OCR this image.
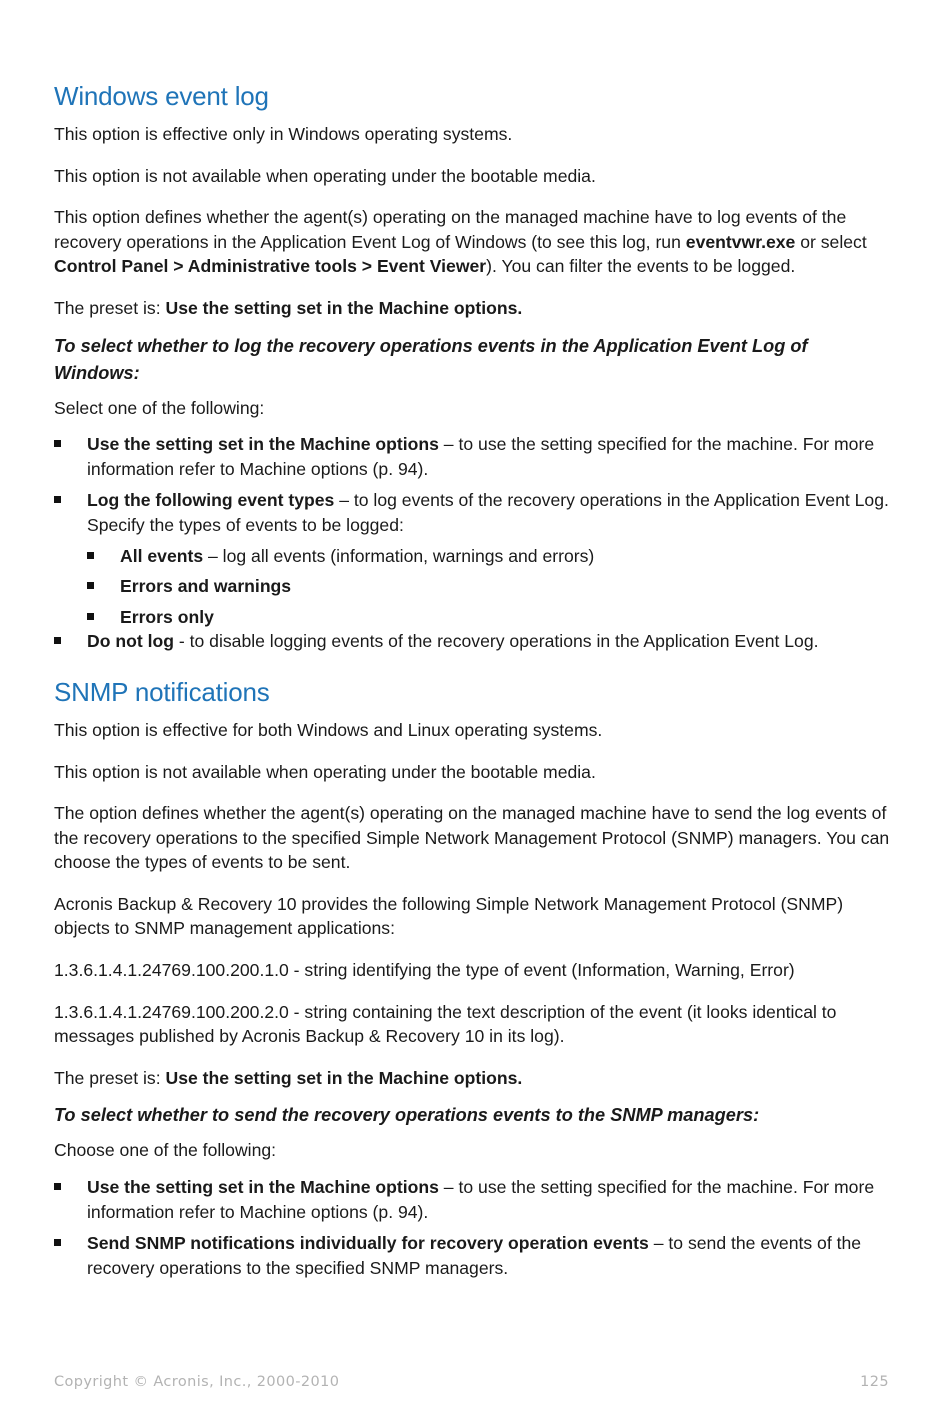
Windows event log

This option is effective only in Windows operating systems.

This option is not available when operating under the bootable media.

This option defines whether the agent(s) operating on the managed machine have to log events of the recovery operations in the Application Event Log of Windows (to see this log, run eventvwr.exe or select Control Panel > Administrative tools > Event Viewer). You can filter the events to be logged.

The preset is: Use the setting set in the Machine options.

To select whether to log the recovery operations events in the Application Event Log of Windows:

Select one of the following:

Use the setting set in the Machine options – to use the setting specified for the machine. For more information refer to Machine options (p. 94).
Log the following event types – to log events of the recovery operations in the Application Event Log. Specify the types of events to be logged:
All events – log all events (information, warnings and errors)
Errors and warnings
Errors only
Do not log - to disable logging events of the recovery operations in the Application Event Log.
SNMP notifications

This option is effective for both Windows and Linux operating systems.

This option is not available when operating under the bootable media.

The option defines whether the agent(s) operating on the managed machine have to send the log events of the recovery operations to the specified Simple Network Management Protocol (SNMP) managers. You can choose the types of events to be sent.

Acronis Backup & Recovery 10 provides the following Simple Network Management Protocol (SNMP) objects to SNMP management applications:

1.3.6.1.4.1.24769.100.200.1.0 - string identifying the type of event (Information, Warning, Error)

1.3.6.1.4.1.24769.100.200.2.0 - string containing the text description of the event (it looks identical to messages published by Acronis Backup & Recovery 10 in its log).

The preset is: Use the setting set in the Machine options.

To select whether to send the recovery operations events to the SNMP managers:

Choose one of the following:

Use the setting set in the Machine options – to use the setting specified for the machine. For more information refer to Machine options (p. 94).
Send SNMP notifications individually for recovery operation events – to send the events of the recovery operations to the specified SNMP managers.
Copyright © Acronis, Inc., 2000-2010	125
